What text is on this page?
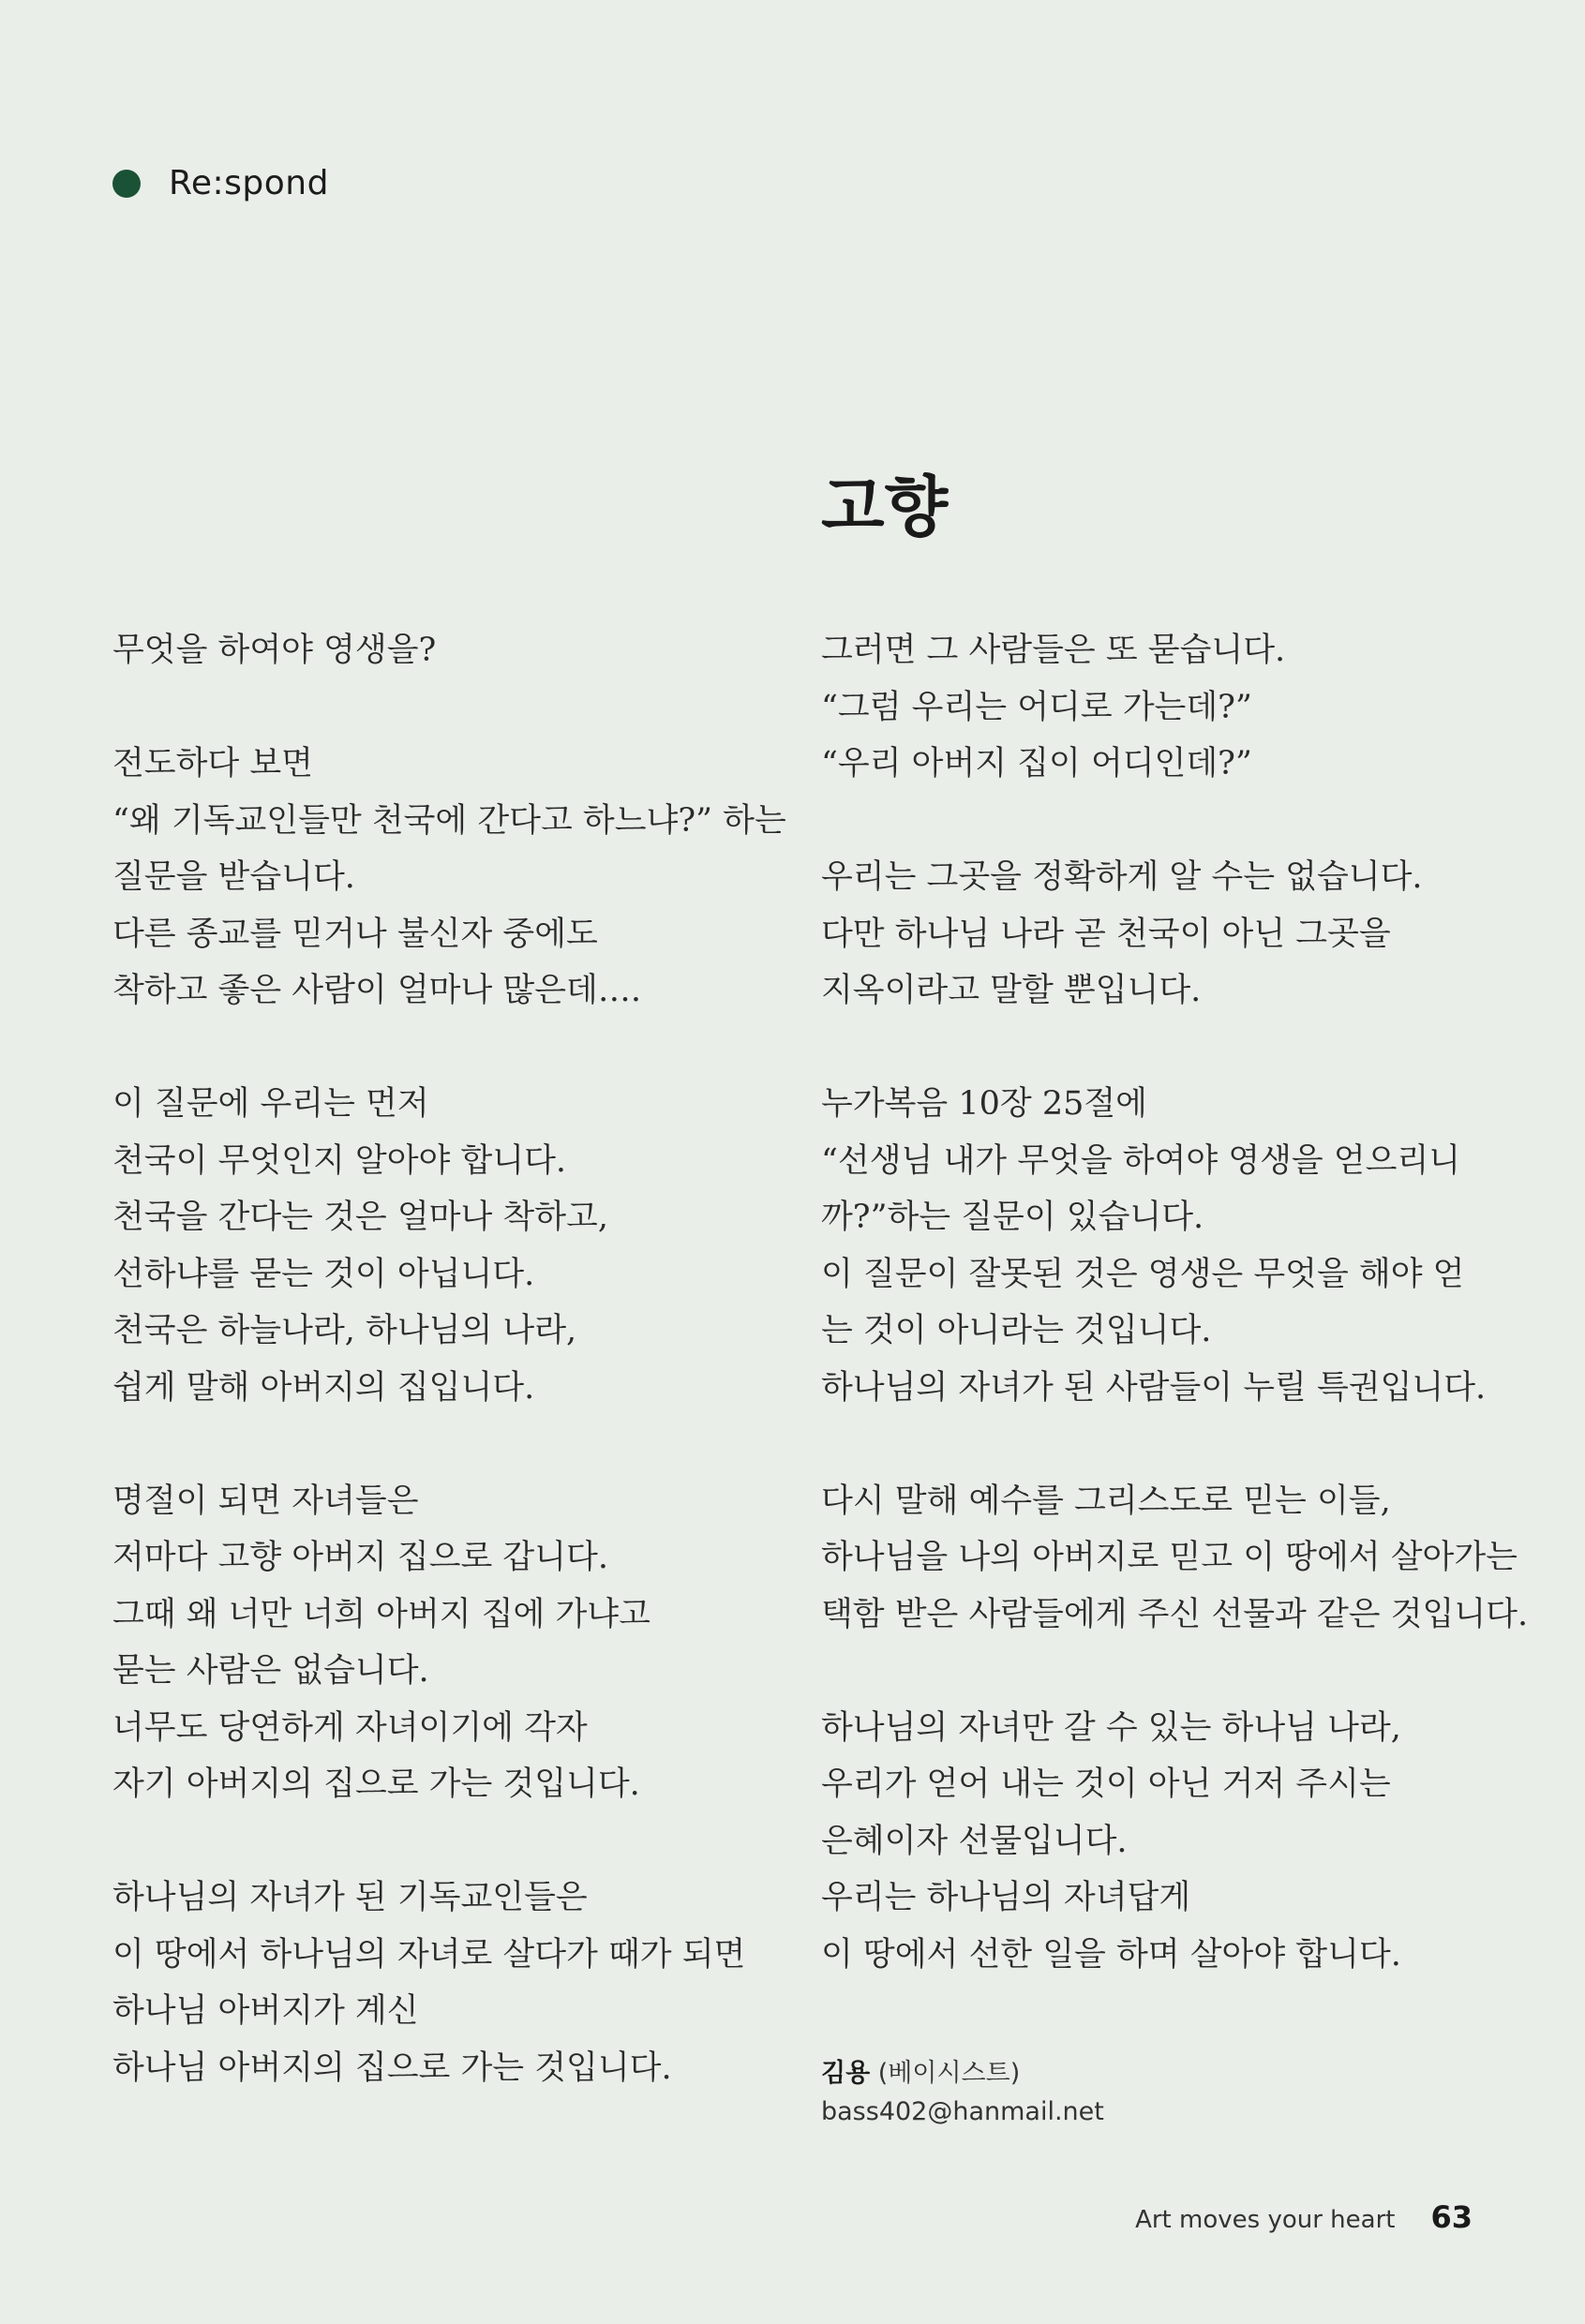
Re:spond
고향
무엇을 하여야 영생을?
전도하다 보면
“왜 기독교인들만 천국에 간다고 하느냐?” 하는
질문을 받습니다.
다른 종교를 믿거나 불신자 중에도
착하고 좋은 사람이 얼마나 많은데….
이 질문에 우리는 먼저
천국이 무엇인지 알아야 합니다.
천국을 간다는 것은 얼마나 착하고,
선하냐를 묻는 것이 아닙니다.
천국은 하늘나라, 하나님의 나라,
쉽게 말해 아버지의 집입니다.
명절이 되면 자녀들은
저마다 고향 아버지 집으로 갑니다.
그때 왜 너만 너희 아버지 집에 가냐고
묻는 사람은 없습니다.
너무도 당연하게 자녀이기에 각자
자기 아버지의 집으로 가는 것입니다.
하나님의 자녀가 된 기독교인들은
이 땅에서 하나님의 자녀로 살다가 때가 되면
하나님 아버지가 계신
하나님 아버지의 집으로 가는 것입니다.
그러면 그 사람들은 또 묻습니다.
“그럼 우리는 어디로 가는데?”
“우리 아버지 집이 어디인데?”
우리는 그곳을 정확하게 알 수는 없습니다.
다만 하나님 나라 곧 천국이 아닌 그곳을
지옥이라고 말할 뿐입니다.
누가복음 10장 25절에
“선생님 내가 무엇을 하여야 영생을 얻으리니
까?”하는 질문이 있습니다.
이 질문이 잘못된 것은 영생은 무엇을 해야 얻
는 것이 아니라는 것입니다.
하나님의 자녀가 된 사람들이 누릴 특권입니다.
다시 말해 예수를 그리스도로 믿는 이들,
하나님을 나의 아버지로 믿고 이 땅에서 살아가는
택함 받은 사람들에게 주신 선물과 같은 것입니다.
하나님의 자녀만 갈 수 있는 하나님 나라,
우리가 얻어 내는 것이 아닌 거저 주시는
은혜이자 선물입니다.
우리는 하나님의 자녀답게
이 땅에서 선한 일을 하며 살아야 합니다.
김용 (베이시스트)
bass402@hanmail.net
Art moves your heart 63
